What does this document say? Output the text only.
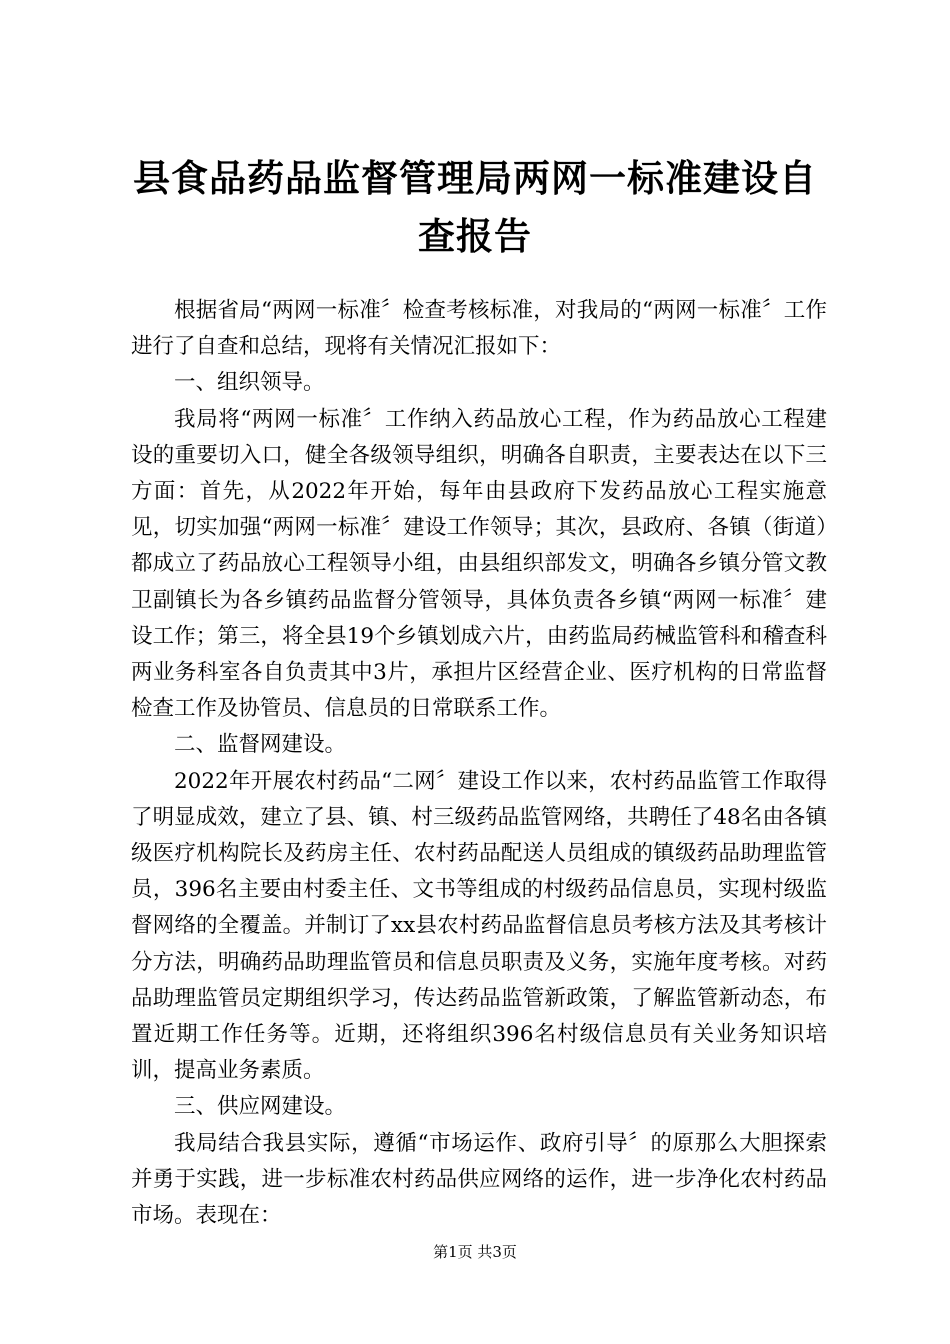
县食品药品监督管理局两网一标准建设自查报告

根据省局“两网一标准〞检查考核标准，对我局的“两网一标准〞工作进行了自查和总结，现将有关情况汇报如下：

一、组织领导。

我局将“两网一标准〞工作纳入药品放心工程，作为药品放心工程建设的重要切入口，健全各级领导组织，明确各自职责，主要表达在以下三方面：首先，从2022年开始，每年由县政府下发药品放心工程实施意见，切实加强“两网一标准〞建设工作领导；其次，县政府、各镇（街道）都成立了药品放心工程领导小组，由县组织部发文，明确各乡镇分管文教卫副镇长为各乡镇药品监督分管领导，具体负责各乡镇“两网一标准〞建设工作；第三，将全县19个乡镇划成六片，由药监局药械监管科和稽查科两业务科室各自负责其中3片，承担片区经营企业、医疗机构的日常监督检查工作及协管员、信息员的日常联系工作。

二、监督网建设。

2022年开展农村药品“二网〞建设工作以来，农村药品监管工作取得了明显成效，建立了县、镇、村三级药品监管网络，共聘任了48名由各镇级医疗机构院长及药房主任、农村药品配送人员组成的镇级药品助理监管员，396名主要由村委主任、文书等组成的村级药品信息员，实现村级监督网络的全覆盖。并制订了xx县农村药品监督信息员考核方法及其考核计分方法，明确药品助理监管员和信息员职责及义务，实施年度考核。对药品助理监管员定期组织学习，传达药品监管新政策，了解监管新动态，布置近期工作任务等。近期，还将组织396名村级信息员有关业务知识培训，提高业务素质。

三、供应网建设。

我局结合我县实际，遵循“市场运作、政府引导〞的原那么大胆探索并勇于实践，进一步标准农村药品供应网络的运作，进一步净化农村药品市场。表现在：

第1页 共3页
